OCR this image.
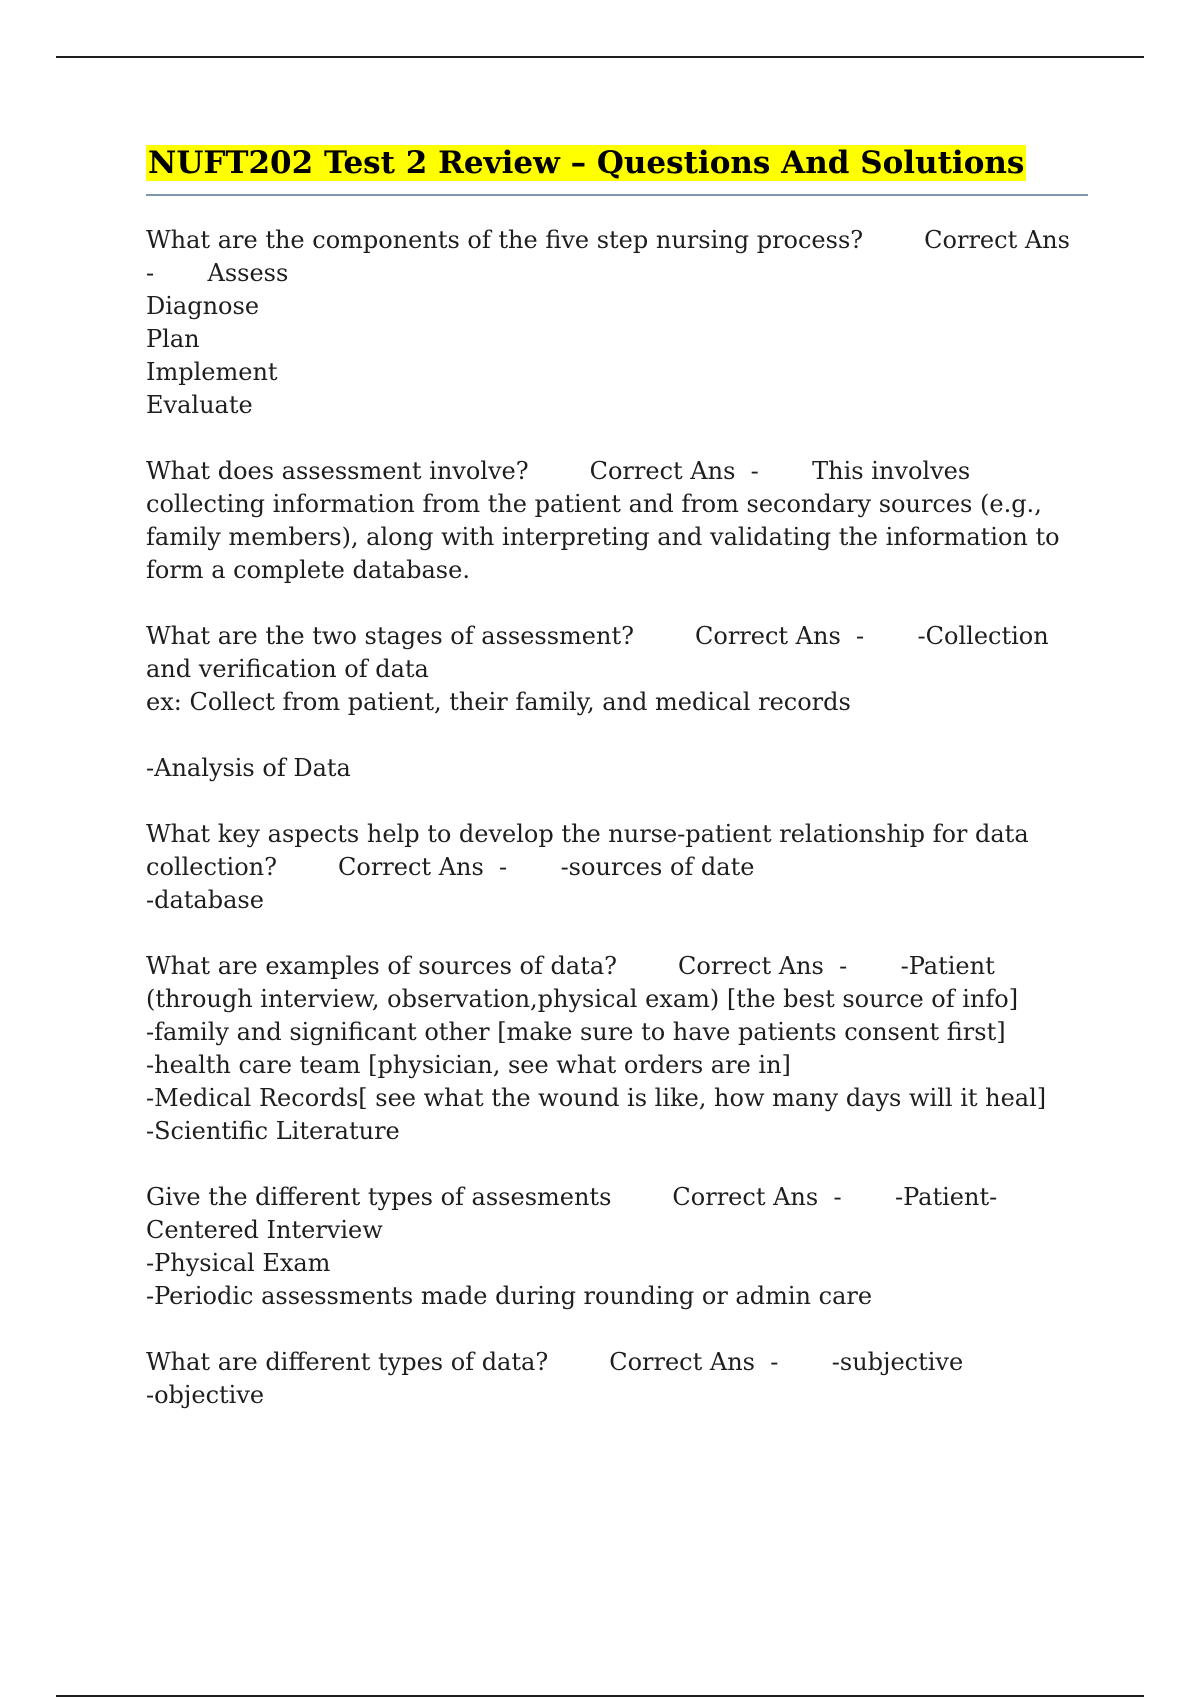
NUFT202 Test 2 Review – Questions And Solutions
What are the components of the five step nursing process?        Correct Ans
-       Assess
Diagnose
Plan
Implement
Evaluate
What does assessment involve?        Correct Ans  -       This involves
collecting information from the patient and from secondary sources (e.g.,
family members), along with interpreting and validating the information to
form a complete database.
What are the two stages of assessment?        Correct Ans  -       -Collection
and verification of data
ex: Collect from patient, their family, and medical records

-Analysis of Data
What key aspects help to develop the nurse-patient relationship for data
collection?        Correct Ans  -       -sources of date
-database
What are examples of sources of data?        Correct Ans  -       -Patient
(through interview, observation,physical exam) [the best source of info]
-family and significant other [make sure to have patients consent first]
-health care team [physician, see what orders are in]
-Medical Records[ see what the wound is like, how many days will it heal]
-Scientific Literature
Give the different types of assesments        Correct Ans  -       -Patient-
Centered Interview
-Physical Exam
-Periodic assessments made during rounding or admin care
What are different types of data?        Correct Ans  -       -subjective
-objective
